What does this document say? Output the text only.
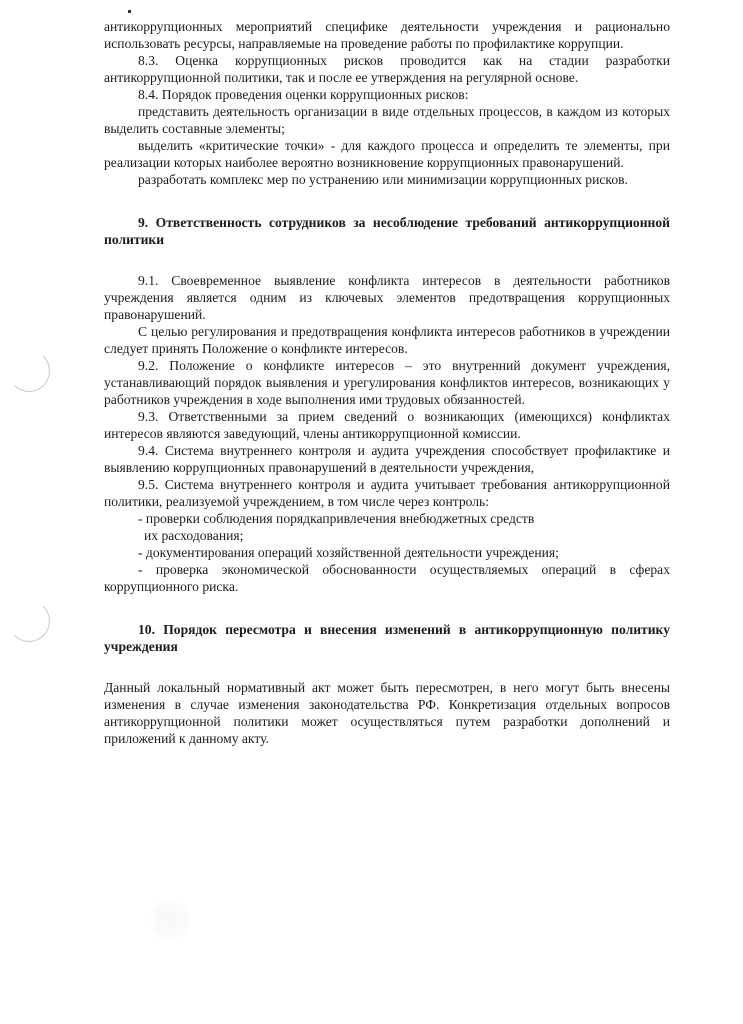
антикоррупционных мероприятий специфике деятельности учреждения и рационально использовать ресурсы, направляемые на проведение работы по профилактике коррупции.

8.3. Оценка коррупционных рисков проводится как на стадии разработки антикоррупционной политики, так и после ее утверждения на регулярной основе.

8.4. Порядок проведения оценки коррупционных рисков:

представить деятельность организации в виде отдельных процессов, в каждом из которых выделить составные элементы;

выделить «критические точки» - для каждого процесса и определить те элементы, при реализации которых наиболее вероятно возникновение коррупционных правонарушений.

разработать комплекс мер по устранению или минимизации коррупционных рисков.

9. Ответственность сотрудников за несоблюдение требований антикоррупционной политики

9.1. Своевременное выявление конфликта интересов в деятельности работников учреждения является одним из ключевых элементов предотвращения коррупционных правонарушений.

С целью регулирования и предотвращения конфликта интересов работников в учреждении следует принять Положение о конфликте интересов.

9.2. Положение о конфликте интересов – это внутренний документ учреждения, устанавливающий порядок выявления и урегулирования конфликтов интересов, возникающих у работников учреждения в ходе выполнения ими трудовых обязанностей.

9.3. Ответственными за прием сведений о возникающих (имеющихся) конфликтах интересов являются заведующий, члены антикоррупционной комиссии.

9.4. Система внутреннего контроля и аудита учреждения способствует профилактике и выявлению коррупционных правонарушений в деятельности учреждения,

9.5. Система внутреннего контроля и аудита учитывает требования антикоррупционной политики, реализуемой учреждением, в том числе через контроль:

- проверки соблюдения порядкапривлечения внебюджетных средств

их расходования;

- документирования операций хозяйственной деятельности учреждения;

- проверка экономической обоснованности осуществляемых операций в сферах коррупционного риска.

10. Порядок пересмотра и внесения изменений в антикоррупционную политику учреждения

Данный локальный нормативный акт может быть пересмотрен, в него могут быть внесены изменения в случае изменения законодательства РФ. Конкретизация отдельных вопросов антикоррупционной политики может осуществляться путем разработки дополнений и приложений к данному акту.
